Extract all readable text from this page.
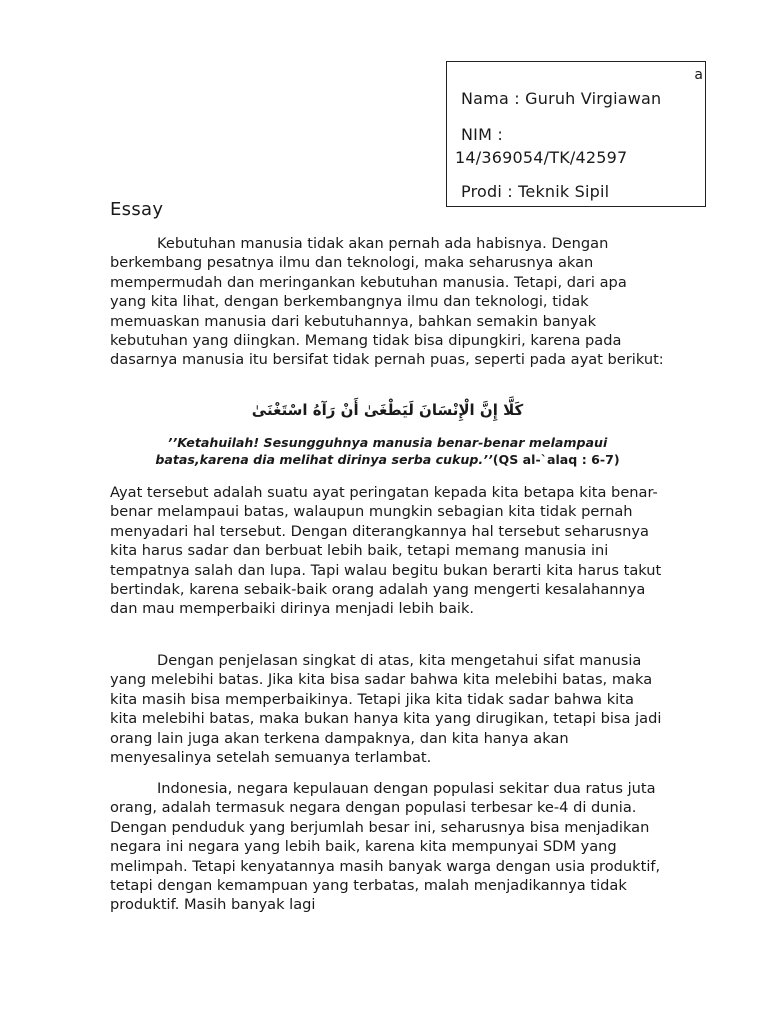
a
Nama : Guruh Virgiawan
NIM :
14/369054/TK/42597
Prodi : Teknik Sipil
Essay

Kebutuhan manusia tidak akan pernah ada habisnya. Dengan berkembang pesatnya ilmu dan teknologi, maka seharusnya akan mempermudah dan meringankan kebutuhan manusia. Tetapi, dari apa yang kita lihat, dengan berkembangnya ilmu dan teknologi, tidak memuaskan manusia dari kebutuhannya, bahkan semakin banyak kebutuhan yang diingkan. Memang tidak bisa dipungkiri, karena pada dasarnya manusia itu bersifat tidak pernah puas, seperti pada ayat berikut:

كَلَّا إِنَّ الْإِنْسَانَ لَيَطْغَىٰ أَنْ رَآهُ اسْتَغْنَىٰ

’’Ketahuilah! Sesungguhnya manusia benar-benar melampaui batas,karena dia melihat dirinya serba cukup.’’(QS al-`alaq : 6-7)

Ayat tersebut adalah suatu ayat peringatan kepada kita betapa kita benar-benar melampaui batas, walaupun mungkin sebagian kita tidak pernah menyadari hal tersebut. Dengan diterangkannya hal tersebut seharusnya kita harus sadar dan berbuat lebih baik, tetapi memang manusia ini tempatnya salah dan lupa. Tapi walau begitu bukan berarti kita harus takut bertindak, karena sebaik-baik orang adalah yang mengerti kesalahannya dan mau memperbaiki dirinya menjadi lebih baik.

Dengan penjelasan singkat di atas, kita mengetahui sifat manusia yang melebihi batas. Jika kita bisa sadar bahwa kita melebihi batas, maka kita masih bisa memperbaikinya. Tetapi jika kita tidak sadar bahwa kita kita melebihi batas, maka bukan hanya kita yang dirugikan, tetapi bisa jadi orang lain juga akan terkena dampaknya, dan kita hanya akan menyesalinya setelah semuanya terlambat.

Indonesia, negara kepulauan dengan populasi sekitar dua ratus juta orang, adalah termasuk negara dengan populasi terbesar ke-4 di dunia. Dengan penduduk yang berjumlah besar ini, seharusnya bisa menjadikan negara ini negara yang lebih baik, karena kita mempunyai SDM yang melimpah. Tetapi kenyatannya masih banyak warga dengan usia produktif, tetapi dengan kemampuan yang terbatas, malah menjadikannya tidak produktif. Masih banyak lagi
